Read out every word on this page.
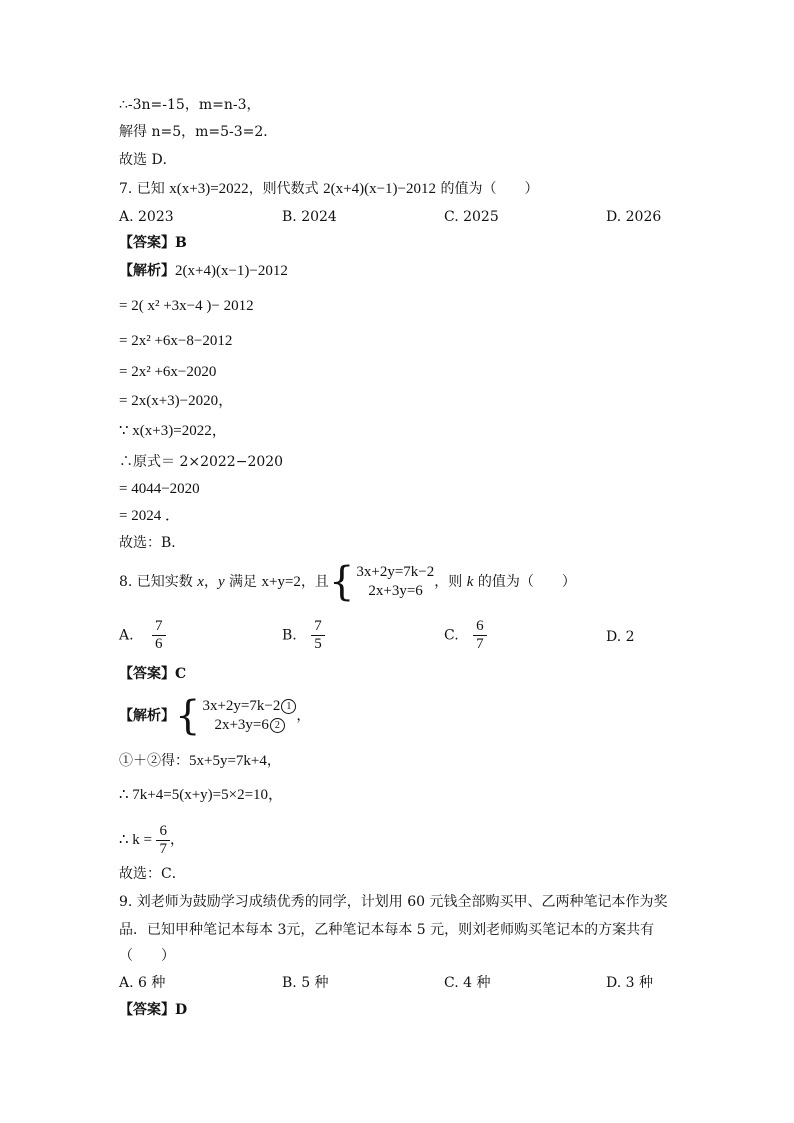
∴-3n=-15，m=n-3，
解得 n=5，m=5-3=2．
故选 D．
7. 已知 x(x+3)=2022，则代数式 2(x+4)(x−1)−2012 的值为（　　）
A. 2023	B. 2024	C. 2025	D. 2026
【答案】B
【解析】2(x+4)(x−1)−2012
= 2( x² +3x−4 )− 2012
= 2x² +6x−8−2012
= 2x² +6x−2020
= 2x(x+3)−2020，
∵ x(x+3)=2022，
∴原式＝ 2×2022−2020
= 4044−2020
= 2024 ．
故选：B．
8. 已知实数 x，y 满足 x+y=2，且 { 3x+2y=7k−2
2x+3y=6
，则 k 的值为（　　）
A. $\frac{7}{6}$	B. $\frac{7}{5}$	C. $\frac{6}{7}$	D. 2
【答案】C
【解析】 { 3x+2y=7k−2 1
2x+3y=6 2
，
①＋②得：5x+5y=7k+4，
∴ 7k+4=5(x+y)=5×2=10，
∴ $k = \frac{6}{7}$ ，
故选：C．
9. 刘老师为鼓励学习成绩优秀的同学，计划用 60 元钱全部购买甲、乙两种笔记本作为奖
品．已知甲种笔记本每本 3元，乙种笔记本每本 5 元，则刘老师购买笔记本的方案共有
（　　）
A. 6 种	B. 5 种	C. 4 种	D. 3 种
【答案】D
